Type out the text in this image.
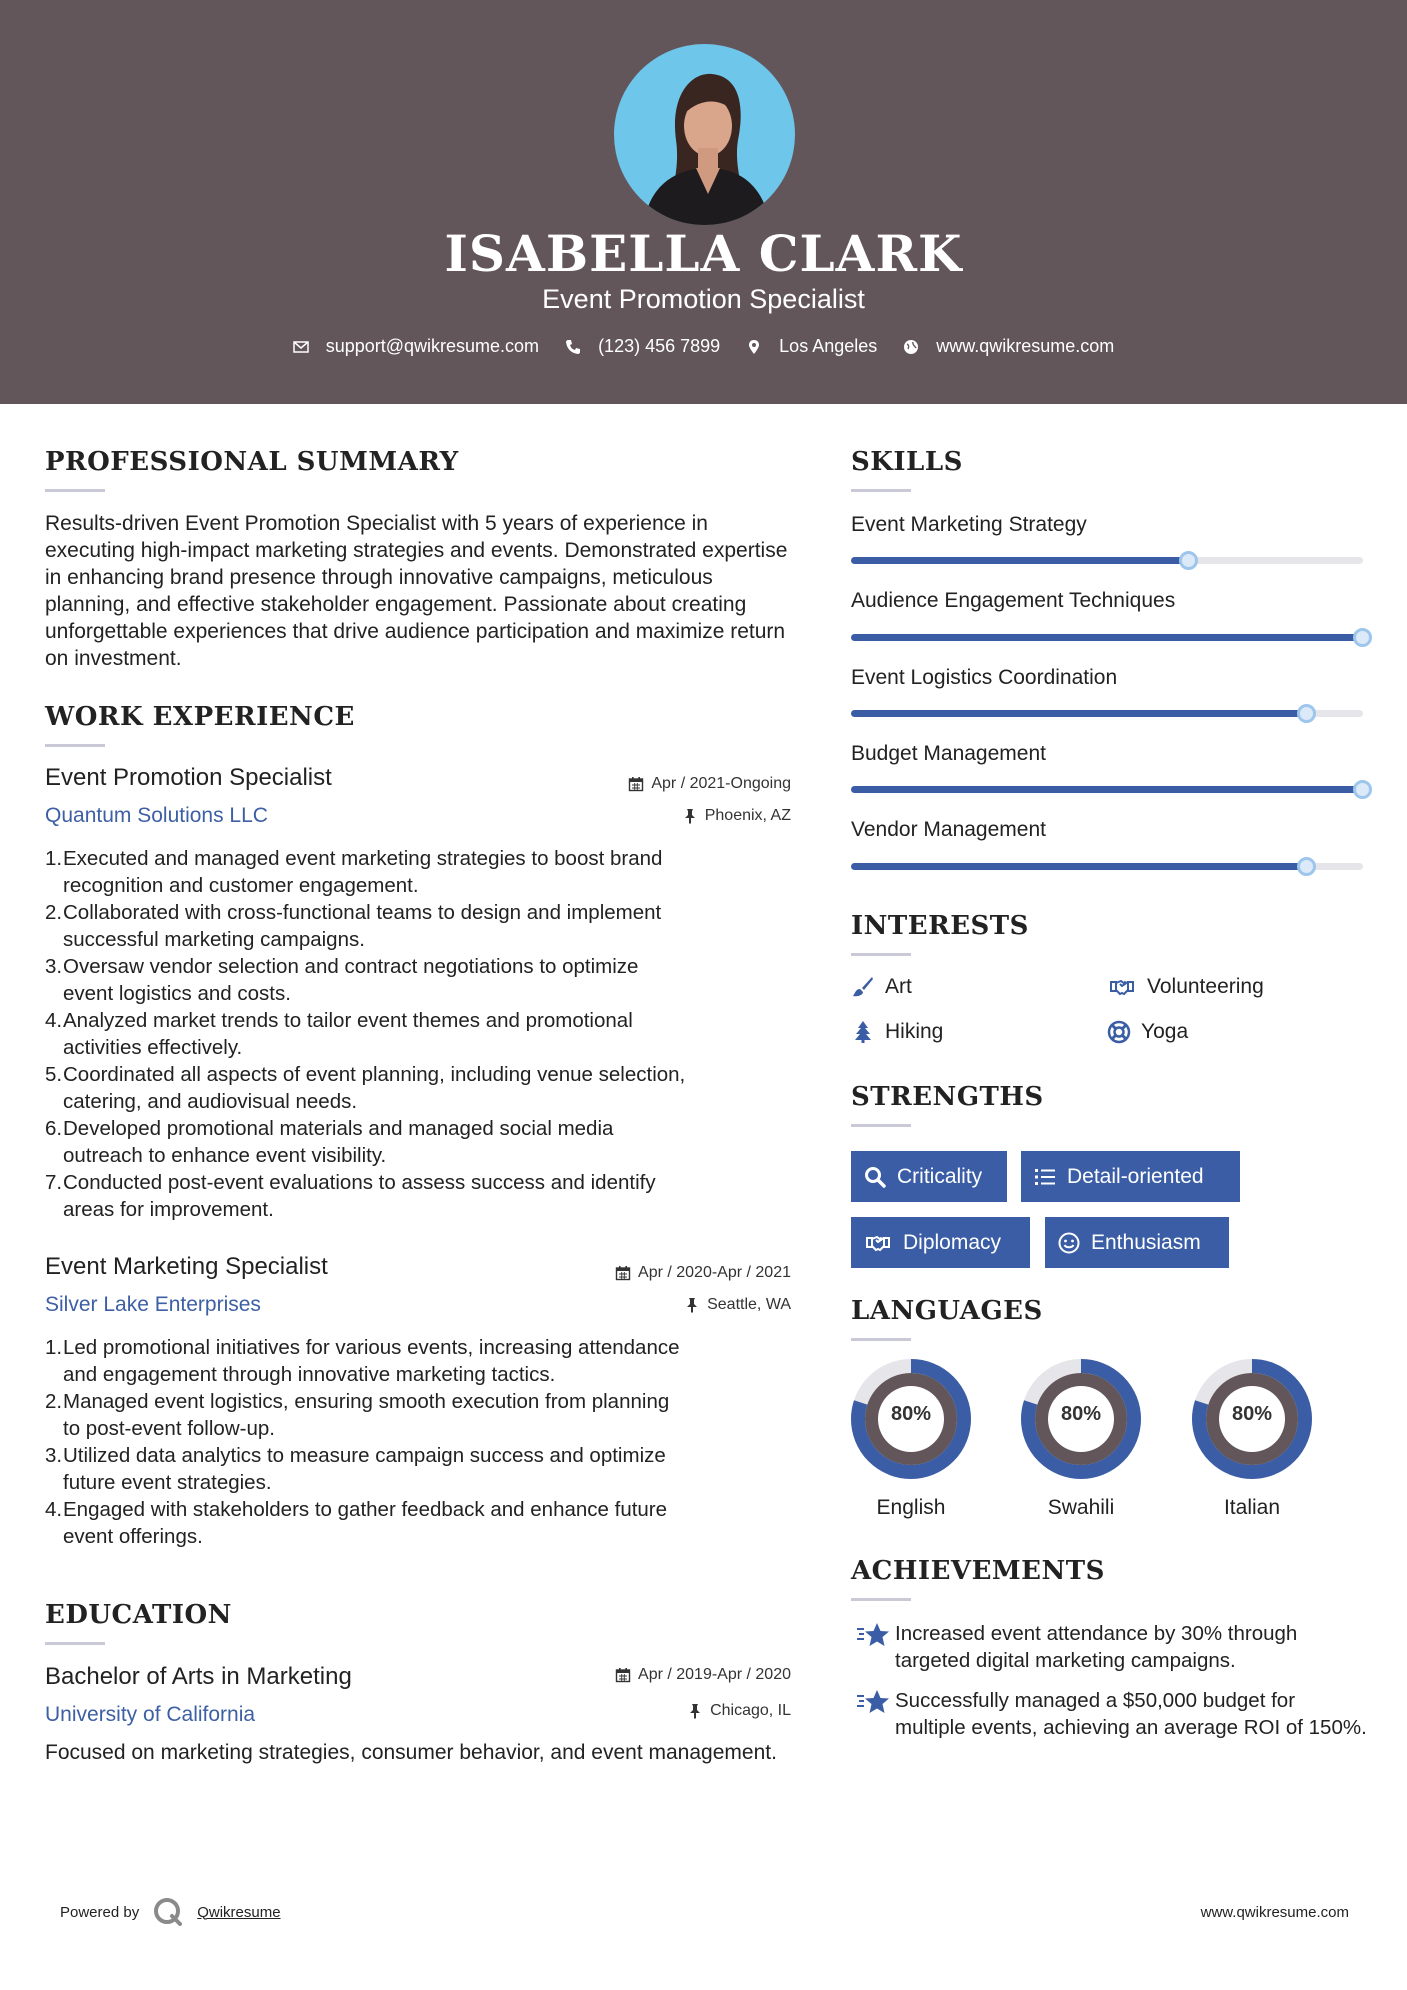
ISABELLA CLARK
Event Promotion Specialist
support@qwikresume.com	(123) 456 7899	Los Angeles	www.qwikresume.com
PROFESSIONAL SUMMARY
Results-driven Event Promotion Specialist with 5 years of experience in executing high-impact marketing strategies and events. Demonstrated expertise in enhancing brand presence through innovative campaigns, meticulous planning, and effective stakeholder engagement. Passionate about creating unforgettable experiences that drive audience participation and maximize return on investment.
WORK EXPERIENCE
Event Promotion Specialist
Quantum Solutions LLC
Apr / 2021-Ongoing
Phoenix, AZ
1. Executed and managed event marketing strategies to boost brand
recognition and customer engagement.
2. Collaborated with cross-functional teams to design and implement
successful marketing campaigns.
3. Oversaw vendor selection and contract negotiations to optimize
event logistics and costs.
4. Analyzed market trends to tailor event themes and promotional
activities effectively.
5. Coordinated all aspects of event planning, including venue selection,
catering, and audiovisual needs.
6. Developed promotional materials and managed social media
outreach to enhance event visibility.
7. Conducted post-event evaluations to assess success and identify
areas for improvement.
Event Marketing Specialist
Silver Lake Enterprises
Apr / 2020-Apr / 2021
Seattle, WA
1. Led promotional initiatives for various events, increasing attendance
and engagement through innovative marketing tactics.
2. Managed event logistics, ensuring smooth execution from planning
to post-event follow-up.
3. Utilized data analytics to measure campaign success and optimize
future event strategies.
4. Engaged with stakeholders to gather feedback and enhance future
event offerings.
EDUCATION
Bachelor of Arts in Marketing
University of California
Apr / 2019-Apr / 2020
Chicago, IL
Focused on marketing strategies, consumer behavior, and event management.
SKILLS
Event Marketing Strategy
Audience Engagement Techniques
Event Logistics Coordination
Budget Management
Vendor Management
INTERESTS
Art	Volunteering
Hiking	Yoga
STRENGTHS
Criticality	Detail-oriented
Diplomacy	Enthusiasm
LANGUAGES
80%
English
80%
Swahili
80%
Italian
ACHIEVEMENTS
Increased event attendance by 30% through targeted digital marketing campaigns.
Successfully managed a $50,000 budget for multiple events, achieving an average ROI of 150%.
Powered by	Qwikresume	www.qwikresume.com
